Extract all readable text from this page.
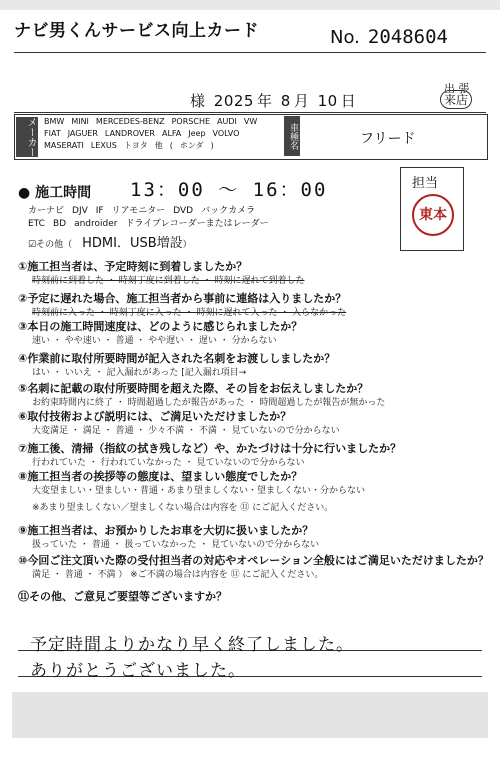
ナビ男くんサービス向上カード	No. 2048604
出 張
様 2025 年 8 月 10 日	来店
メーカー BMW MINI MERCEDES-BENZ PORSCHE AUDI VW
FIAT JAGUER LANDROVER ALFA Jeep VOLVO
MASERATI LEXUS トヨタ 他 ( ホンダ )	車種名	フリード
● 施工時間 13：00 ～ 16：00	担当
東本
カーナビ DJV IF リアモニター DVD バックカメラ
ETC BD androider ドライブレコーダーまたはレーダー
☑その他（ HDMI．USB増設）
①施工担当者は、予定時刻に到着しましたか？
時刻前に到着した ・ 時刻丁度に到着した ・ 時刻に遅れて到着した
②予定に遅れた場合、施工担当者から事前に連絡は入りましたか？
時刻前に入った ・ 時刻丁度に入った ・ 時刻に遅れて入った ・ 入らなかった
③本日の施工時間速度は、どのように感じられましたか？
速い ・ やや速い ・ 普通 ・ やや遅い ・ 遅い ・ 分からない
④作業前に取付所要時間が記入された名刺をお渡ししましたか？
はい ・ いいえ ・ 記入漏れがあった [記入漏れ項目→
⑤名刺に記載の取付所要時間を超えた際、その旨をお伝えしましたか？
お約束時間内に終了 ・ 時間超過したが報告があった ・ 時間超過したが報告が無かった
⑥取付技術および説明には、ご満足いただけましたか？
大変満足 ・ 満足 ・ 普通 ・ 少々不満 ・ 不満 ・ 見ていないので分からない
⑦施工後、清掃（指紋の拭き残しなど）や、かたづけは十分に行いましたか？
行われていた ・ 行われていなかった ・ 見ていないので分からない
⑧施工担当者の挨拶等の態度は、望ましい態度でしたか？
大変望ましい・望ましい・普通・あまり望ましくない・望ましくない・分からない
※あまり望ましくない／望ましくない場合は内容を ⑪ にご記入ください。
⑨施工担当者は、お預かりしたお車を大切に扱いましたか？
扱っていた ・ 普通 ・ 扱っていなかった ・ 見ていないので分からない
⑩今回ご注文頂いた際の受付担当者の対応やオペレーション全般にはご満足いただけましたか？
満足 ・ 普通 ・ 不満 ） ※ご不満の場合は内容を ⑪ にご記入ください。
⑪その他、ご意見ご要望等ございますか？
予定時間よりかなり早く終了しました。
ありがとうございました。
